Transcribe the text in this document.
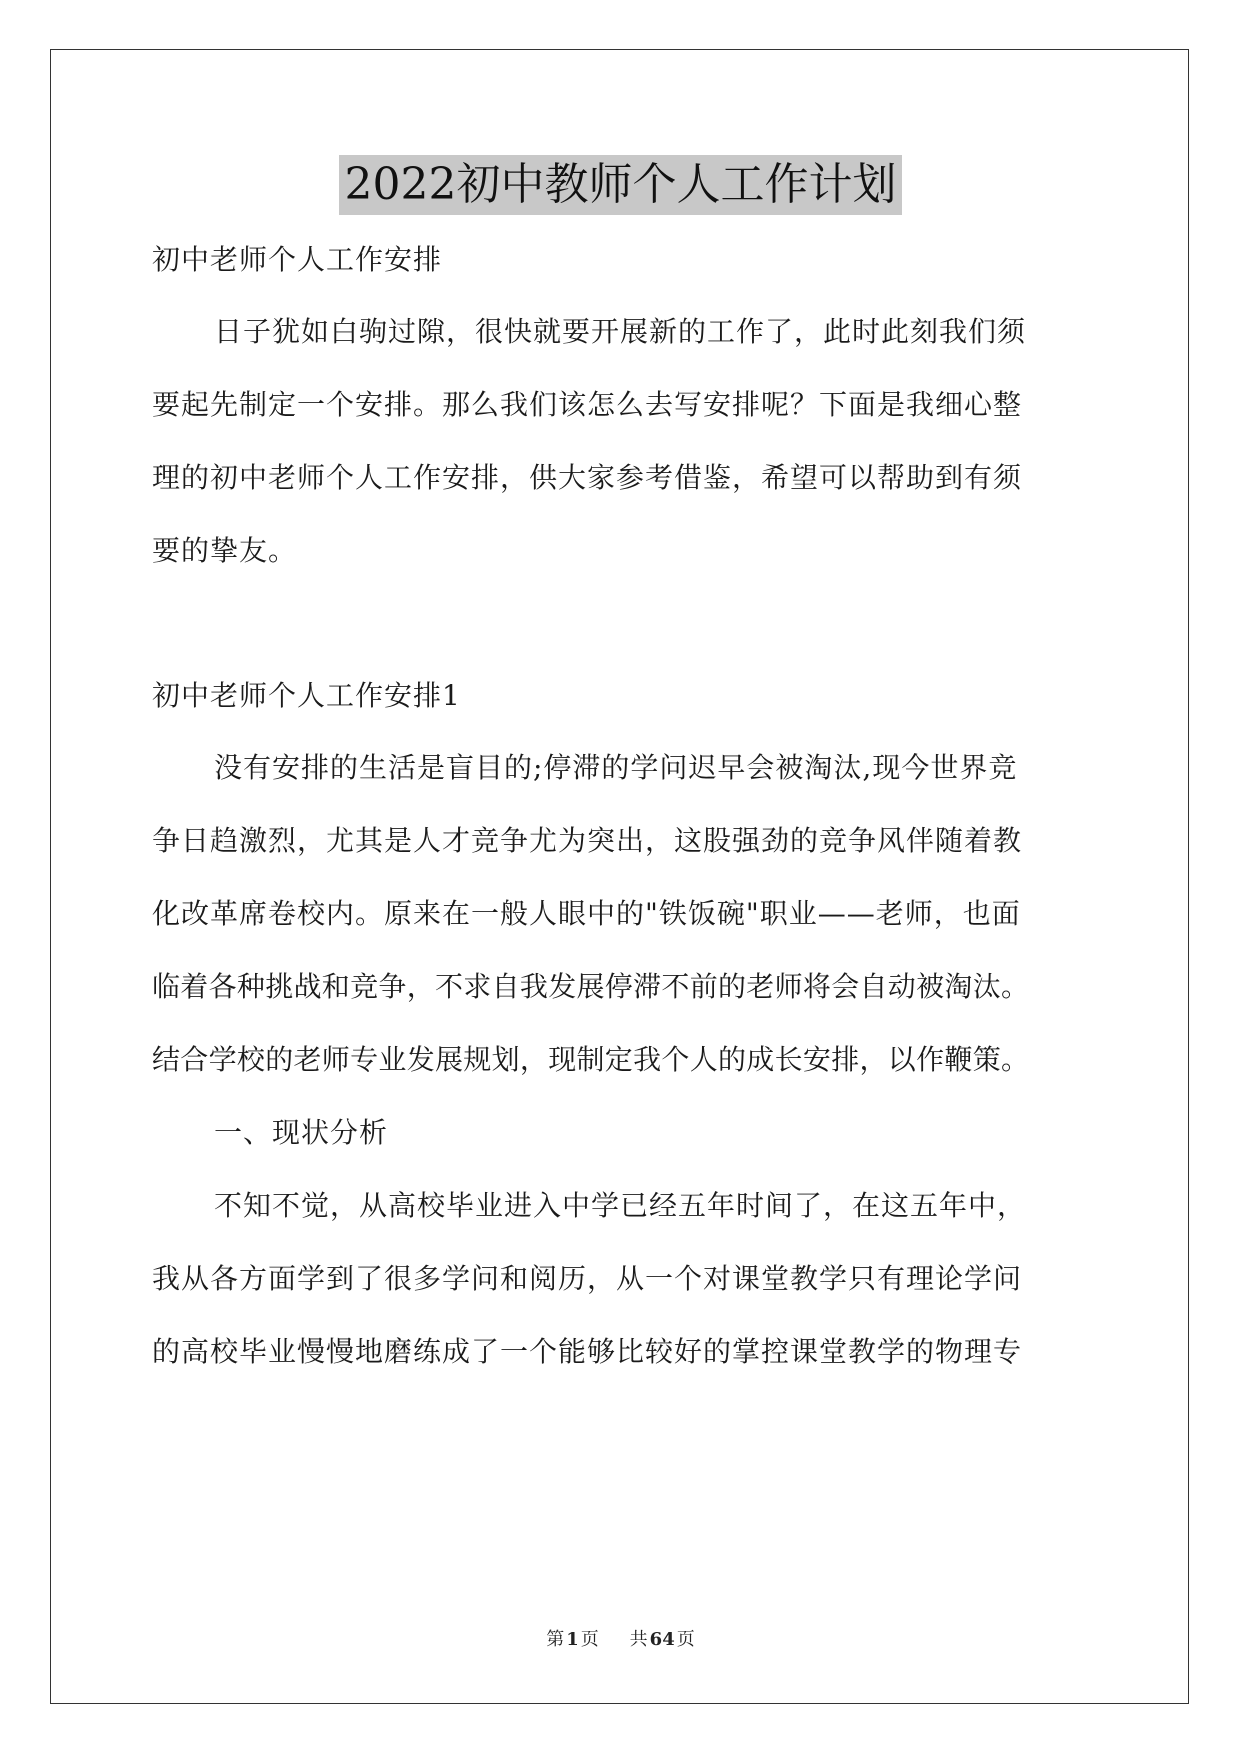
2022初中教师个人工作计划
初中老师个人工作安排
日子犹如白驹过隙，很快就要开展新的工作了，此时此刻我们须
要起先制定一个安排。那么我们该怎么去写安排呢？下面是我细心整
理的初中老师个人工作安排，供大家参考借鉴，希望可以帮助到有须
要的挚友。
初中老师个人工作安排1
没有安排的生活是盲目的;停滞的学问迟早会被淘汰,现今世界竞
争日趋激烈，尤其是人才竞争尤为突出，这股强劲的竞争风伴随着教
化改革席卷校内。原来在一般人眼中的"铁饭碗"职业——老师，也面
临着各种挑战和竞争，不求自我发展停滞不前的老师将会自动被淘汰。
结合学校的老师专业发展规划，现制定我个人的成长安排，以作鞭策。
一、现状分析
不知不觉，从高校毕业进入中学已经五年时间了，在这五年中，
我从各方面学到了很多学问和阅历，从一个对课堂教学只有理论学问
的高校毕业慢慢地磨练成了一个能够比较好的掌控课堂教学的物理专
第 1 页 共 64 页
